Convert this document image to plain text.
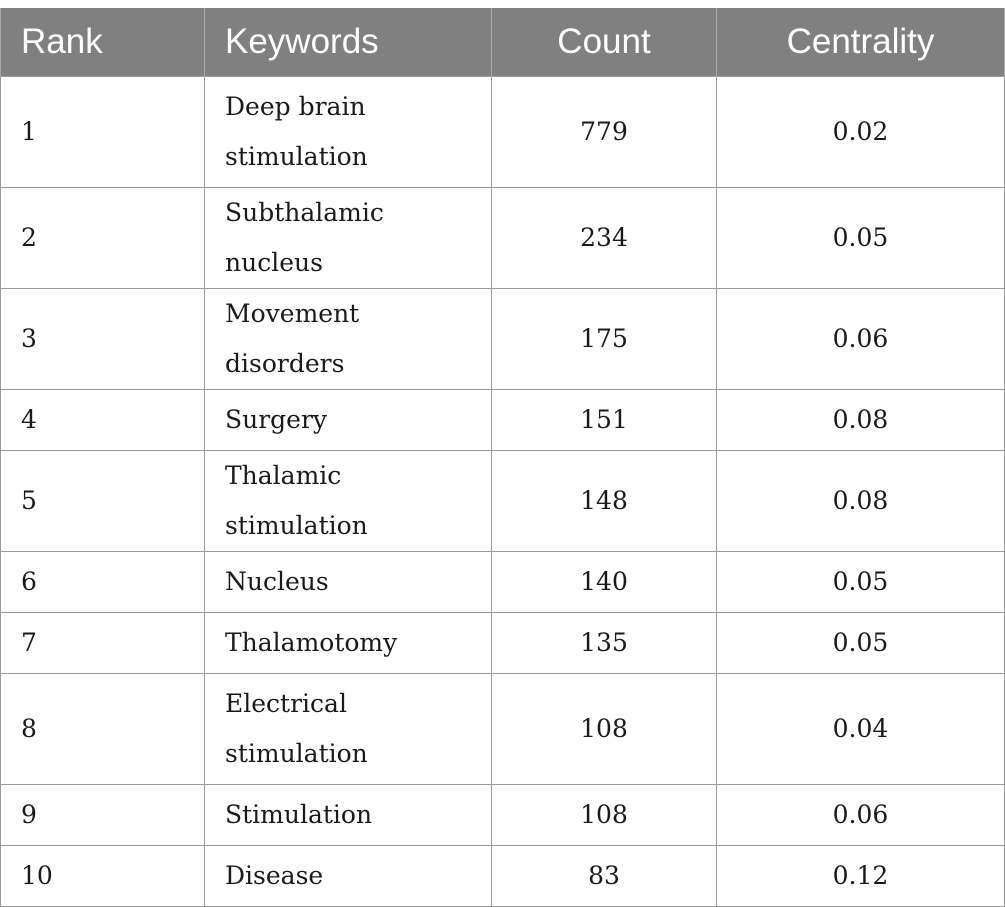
Rank	Keywords	Count	Centrality
1	Deep brain stimulation	779	0.02
2	Subthalamic nucleus	234	0.05
3	Movement disorders	175	0.06
4	Surgery	151	0.08
5	Thalamic stimulation	148	0.08
6	Nucleus	140	0.05
7	Thalamotomy	135	0.05
8	Electrical stimulation	108	0.04
9	Stimulation	108	0.06
10	Disease	83	0.12
